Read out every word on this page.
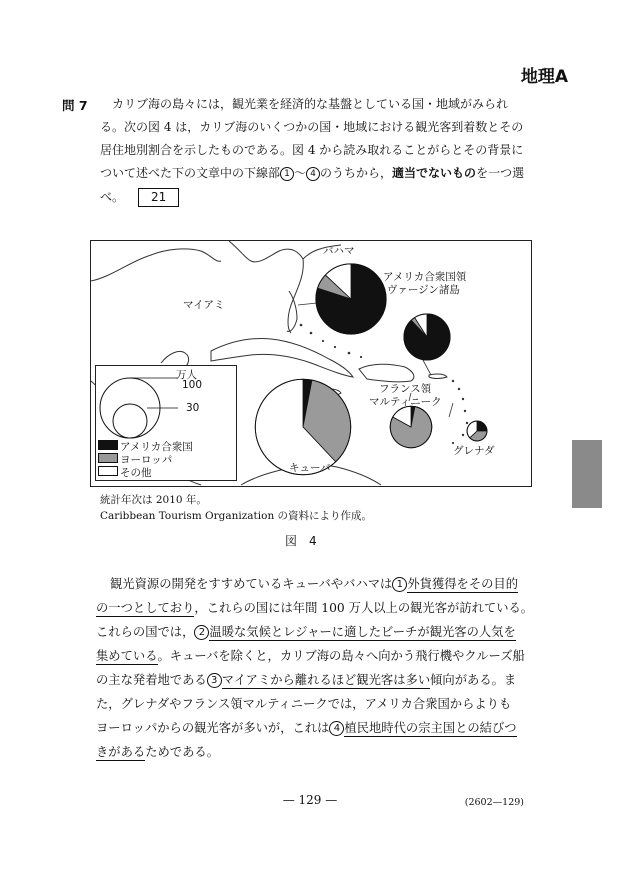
地理A
問 7 カリブ海の島々には，観光業を経済的な基盤としている国・地域がみられ
る。次の図 4 は，カリブ海のいくつかの国・地域における観光客到着数とその
居住地別割合を示したものである。図 4 から読み取れることがらとその背景に
ついて述べた下の文章中の下線部 1 ～ 4 のうちから，適当でないものを一つ選
べ。 21
バハマ
アメリカ合衆国領
ヴァージン諸島
マイアミ
フランス領
マルティニーク
キューバ
グレナダ
万人
100
30
アメリカ合衆国
ヨーロッパ
その他
統計年次は 2010 年。
Caribbean Tourism Organization の資料により作成。
図　4
観光資源の開発をすすめているキューバやバハマは 1 外貨獲得をその目的
の一つとしており，これらの国には年間 100 万人以上の観光客が訪れている。
これらの国では， 2 温暖な気候とレジャーに適したビーチが観光客の人気を
集めている。キューバを除くと，カリブ海の島々へ向かう飛行機やクルーズ船
の主な発着地である 3 マイアミから離れるほど観光客は多い傾向がある。ま
た，グレナダやフランス領マルティニークでは，アメリカ合衆国からよりも
ヨーロッパからの観光客が多いが，これは 4 植民地時代の宗主国との結びつ
きがあるためである。
— 129 —	(2602—129)
